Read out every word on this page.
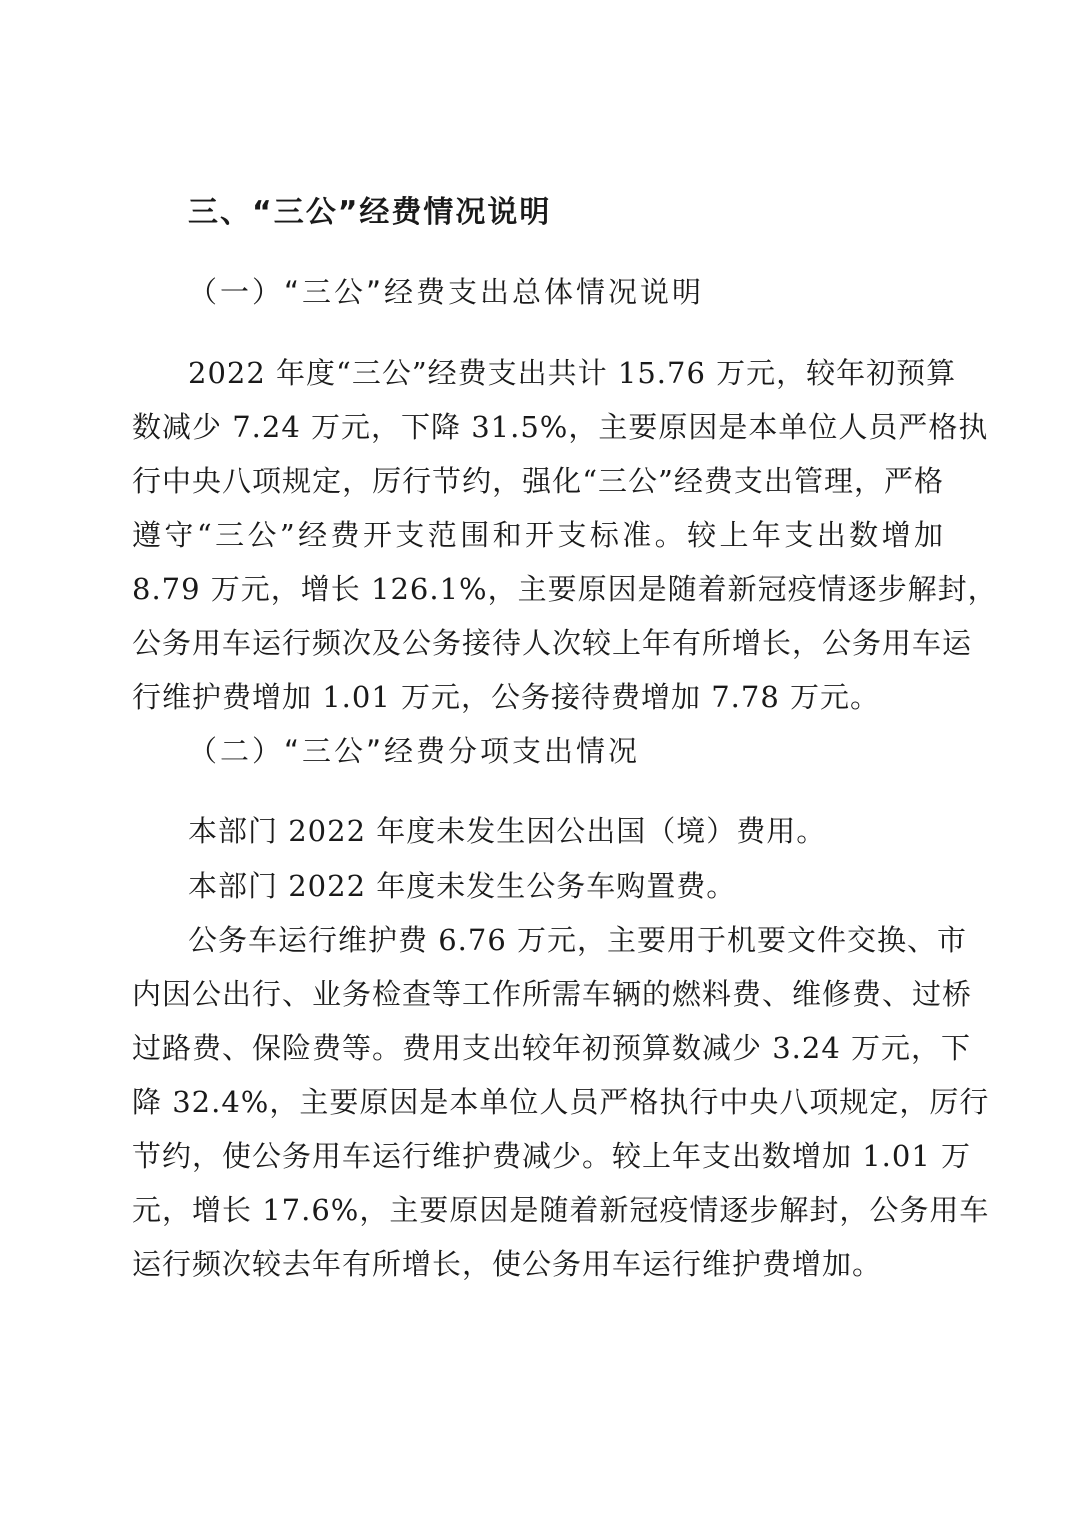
三、“三公”经费情况说明
（一）“三公”经费支出总体情况说明
2022 年度“三公”经费支出共计 15.76 万元，较年初预算
数减少 7.24 万元，下降 31.5%，主要原因是本单位人员严格执
行中央八项规定，厉行节约，强化“三公”经费支出管理，严格
遵守“三公”经费开支范围和开支标准。较上年支出数增加
8.79 万元，增长 126.1%，主要原因是随着新冠疫情逐步解封，
公务用车运行频次及公务接待人次较上年有所增长，公务用车运
行维护费增加 1.01 万元，公务接待费增加 7.78 万元。
（二）“三公”经费分项支出情况
本部门 2022 年度未发生因公出国（境）费用。
本部门 2022 年度未发生公务车购置费。
公务车运行维护费 6.76 万元，主要用于机要文件交换、市
内因公出行、业务检查等工作所需车辆的燃料费、维修费、过桥
过路费、保险费等。费用支出较年初预算数减少 3.24 万元，下
降 32.4%，主要原因是本单位人员严格执行中央八项规定，厉行
节约，使公务用车运行维护费减少。较上年支出数增加 1.01 万
元，增长 17.6%，主要原因是随着新冠疫情逐步解封，公务用车
运行频次较去年有所增长，使公务用车运行维护费增加。
